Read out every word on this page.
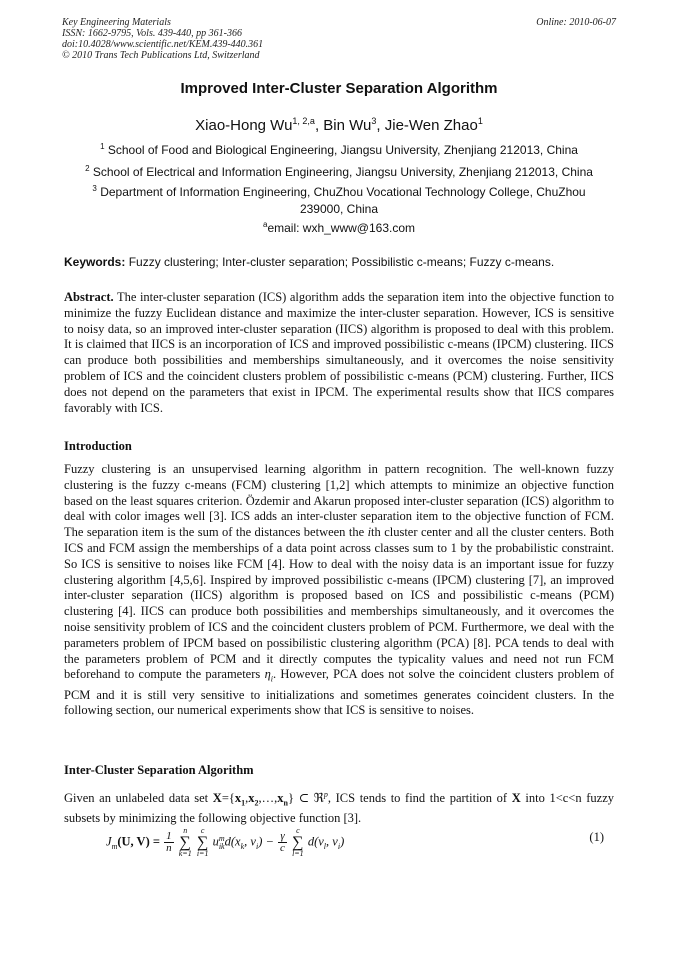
Key Engineering Materials
ISSN: 1662-9795, Vols. 439-440, pp 361-366
doi:10.4028/www.scientific.net/KEM.439-440.361
© 2010 Trans Tech Publications Ltd, Switzerland
Online: 2010-06-07
Improved Inter-Cluster Separation Algorithm
Xiao-Hong Wu$^{1, 2,a}$, Bin Wu$^3$, Jie-Wen Zhao$^1$
$^1$ School of Food and Biological Engineering, Jiangsu University, Zhenjiang 212013, China
$^2$ School of Electrical and Information Engineering, Jiangsu University, Zhenjiang 212013, China
$^3$ Department of Information Engineering, ChuZhou Vocational Technology College, ChuZhou 239000, China
$^a$email: wxh_www@163.com
Keywords: Fuzzy clustering; Inter-cluster separation; Possibilistic c-means; Fuzzy c-means.
Abstract. The inter-cluster separation (ICS) algorithm adds the separation item into the objective function to minimize the fuzzy Euclidean distance and maximize the inter-cluster separation. However, ICS is sensitive to noisy data, so an improved inter-cluster separation (IICS) algorithm is proposed to deal with this problem. It is claimed that IICS is an incorporation of ICS and improved possibilistic c-means (IPCM) clustering. IICS can produce both possibilities and memberships simultaneously, and it overcomes the noise sensitivity problem of ICS and the coincident clusters problem of possibilistic c-means (PCM) clustering. Further, IICS does not depend on the parameters that exist in IPCM. The experimental results show that IICS compares favorably with ICS.
Introduction
Fuzzy clustering is an unsupervised learning algorithm in pattern recognition. The well-known fuzzy clustering is the fuzzy c-means (FCM) clustering [1,2] which attempts to minimize an objective function based on the least squares criterion. Özdemir and Akarun proposed inter-cluster separation (ICS) algorithm to deal with color images well [3]. ICS adds an inter-cluster separation item to the objective function of FCM. The separation item is the sum of the distances between the ith cluster center and all the cluster centers. Both ICS and FCM assign the memberships of a data point across classes sum to 1 by the probabilistic constraint. So ICS is sensitive to noises like FCM [4]. How to deal with the noisy data is an important issue for fuzzy clustering algorithm [4,5,6]. Inspired by improved possibilistic c-means (IPCM) clustering [7], an improved inter-cluster separation (IICS) algorithm is proposed based on ICS and possibilistic c-means (PCM) clustering [4]. IICS can produce both possibilities and memberships simultaneously, and it overcomes the noise sensitivity problem of ICS and the coincident clusters problem of PCM. Furthermore, we deal with the parameters problem of IPCM based on possibilistic clustering algorithm (PCA) [8]. PCA tends to deal with the parameters problem of PCM and it directly computes the typicality values and need not run FCM beforehand to compute the parameters $\eta_i$. However, PCA does not solve the coincident clusters problem of PCM and it is still very sensitive to initializations and sometimes generates coincident clusters. In the following section, our numerical experiments show that ICS is sensitive to noises.
Inter-Cluster Separation Algorithm
Given an unlabeled data set $X=\{x_1,x_2,\dots,x_n\}$ ⊂ ℜ$^p$, ICS tends to find the partition of X into 1<c<n fuzzy subsets by minimizing the following objective function [3].
$J_m(U$, $V) = \frac{1}{n}$
n
∑
k=1 c
∑
i=1 u m
ik $d(x_k$, $v_i) - \frac{\gamma}{c}$
c
∑
l=1 $d(v_l$, $v_i$)	(1)
